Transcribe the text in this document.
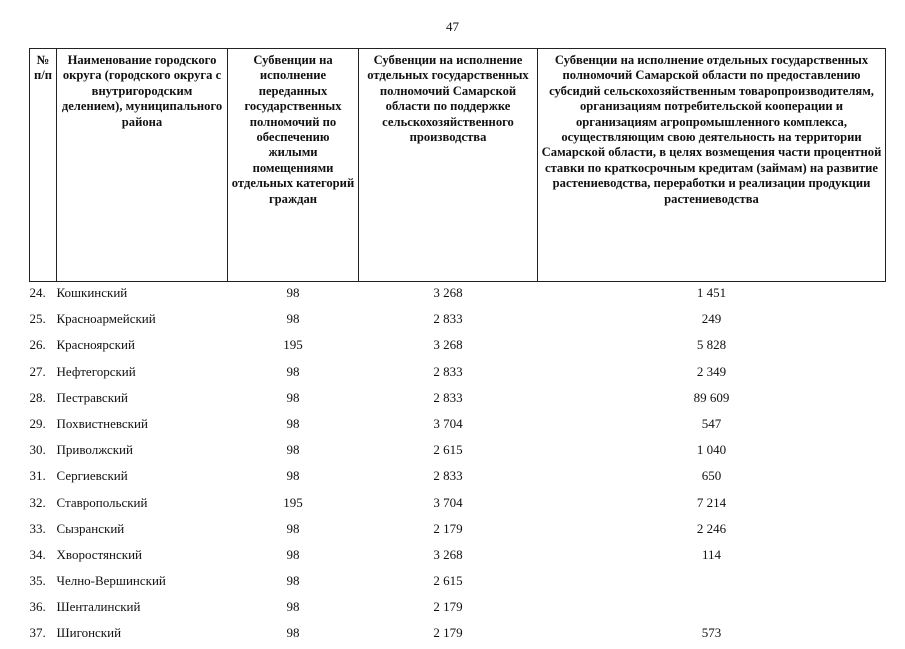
47
№ п/п	Наименование городского округа (городского округа с внутригородским делением), муниципального района	Субвенции на исполнение переданных государственных полномочий по обеспечению жилыми помещениями отдельных категорий граждан	Субвенции на исполнение отдельных государственных полномочий Самарской области по поддержке сельскохозяйственного производства	Субвенции на исполнение отдельных государственных полномочий Самарской области по предоставлению субсидий сельскохозяйственным товаропроизводителям, организациям потребительской кооперации и организациям агропромышленного комплекса, осуществляющим свою деятельность на территории Самарской области, в целях возмещения части процентной ставки по краткосрочным кредитам (займам) на развитие растениеводства, переработки и реализации продукции растениеводства
24.	Кошкинский	98	3 268	1 451
25.	Красноармейский	98	2 833	249
26.	Красноярский	195	3 268	5 828
27.	Нефтегорский	98	2 833	2 349
28.	Пестравский	98	2 833	89 609
29.	Похвистневский	98	3 704	547
30.	Приволжский	98	2 615	1 040
31.	Сергиевский	98	2 833	650
32.	Ставропольский	195	3 704	7 214
33.	Сызранский	98	2 179	2 246
34.	Хворостянский	98	3 268	114
35.	Челно-Вершинский	98	2 615	
36.	Шенталинский	98	2 179	
37.	Шигонский	98	2 179	573
